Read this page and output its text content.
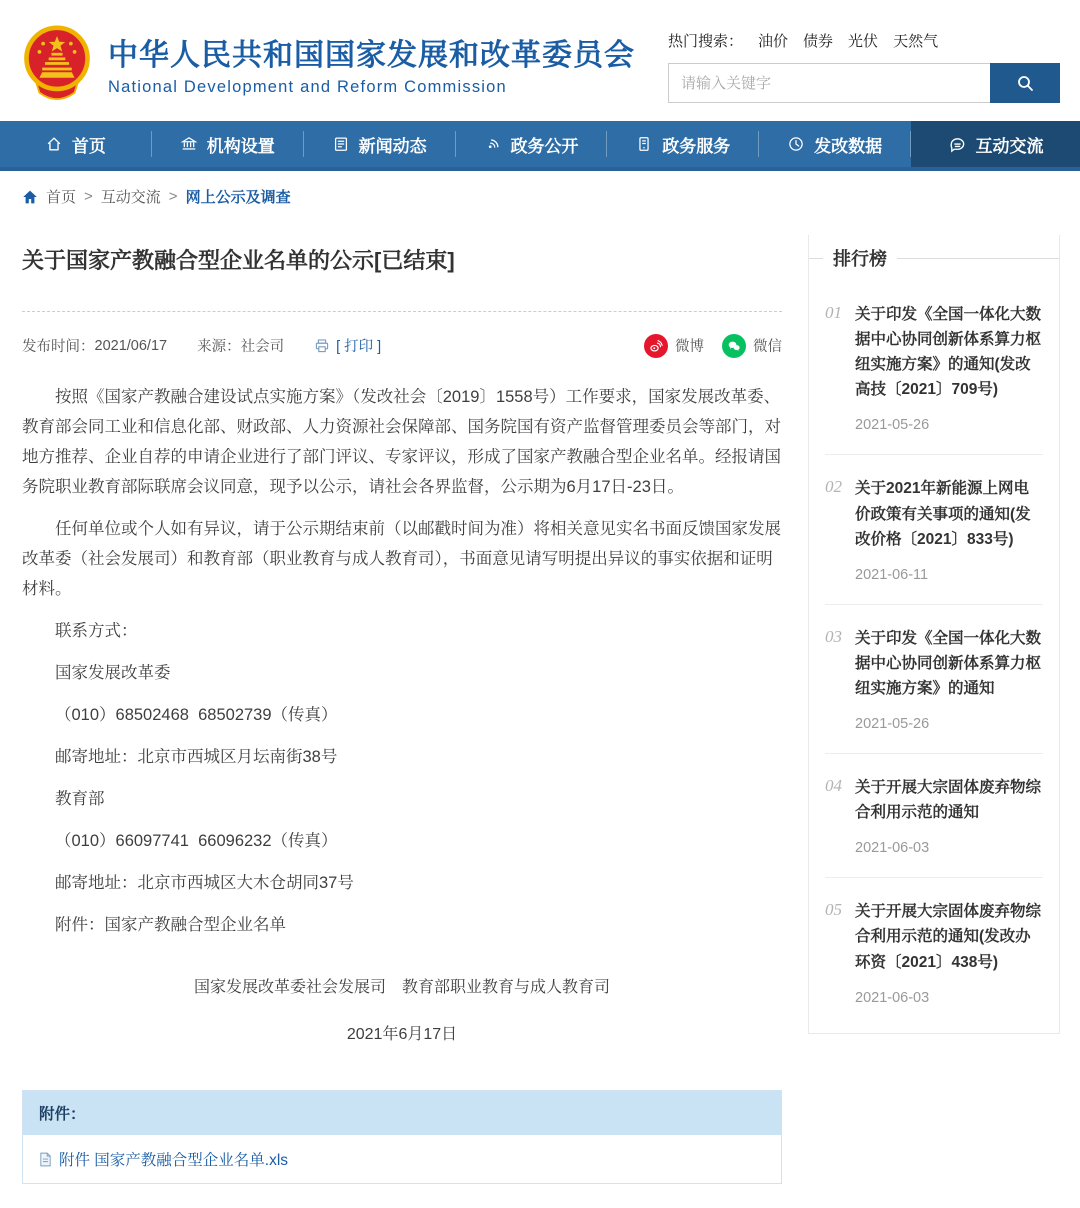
中华人民共和国国家发展和改革委员会
National Development and Reform Commission
热门搜索： 油价 债券 光伏 天然气
请输入关键字
首页	机构设置	新闻动态	政务公开	政务服务	发改数据	互动交流
首页 > 互动交流 > 网上公示及调查
关于国家产教融合型企业名单的公示[已结束]
发布时间： 2021/06/17 来源： 社会司	[ 打印 ]	微博	微信

按照《国家产教融合建设试点实施方案》（发改社会〔2019〕1558号）工作要求，国家发展改革委、教育部会同工业和信息化部、财政部、人力资源社会保障部、国务院国有资产监督管理委员会等部门，对地方推荐、企业自荐的申请企业进行了部门评议、专家评议，形成了国家产教融合型企业名单。经报请国务院职业教育部际联席会议同意，现予以公示，请社会各界监督，公示期为6月17日-23日。

任何单位或个人如有异议，请于公示期结束前（以邮戳时间为准）将相关意见实名书面反馈国家发展改革委（社会发展司）和教育部（职业教育与成人教育司），书面意见请写明提出异议的事实依据和证明材料。

联系方式：

国家发展改革委

（010）68502468  68502739（传真）

邮寄地址：北京市西城区月坛南街38号

教育部

（010）66097741  66096232（传真）

邮寄地址：北京市西城区大木仓胡同37号

附件：国家产教融合型企业名单

国家发展改革委社会发展司　教育部职业教育与成人教育司
2021年6月17日
附件：
附件 国家产教融合型企业名单.xls
排行榜
01 关于印发《全国一体化大数据中心协同创新体系算力枢纽实施方案》的通知(发改高技〔2021〕709号)
2021-05-26
02 关于2021年新能源上网电价政策有关事项的通知(发改价格〔2021〕833号)
2021-06-11
03 关于印发《全国一体化大数据中心协同创新体系算力枢纽实施方案》的通知
2021-05-26
04 关于开展大宗固体废弃物综合利用示范的通知
2021-06-03
05 关于开展大宗固体废弃物综合利用示范的通知(发改办环资〔2021〕438号)
2021-06-03
